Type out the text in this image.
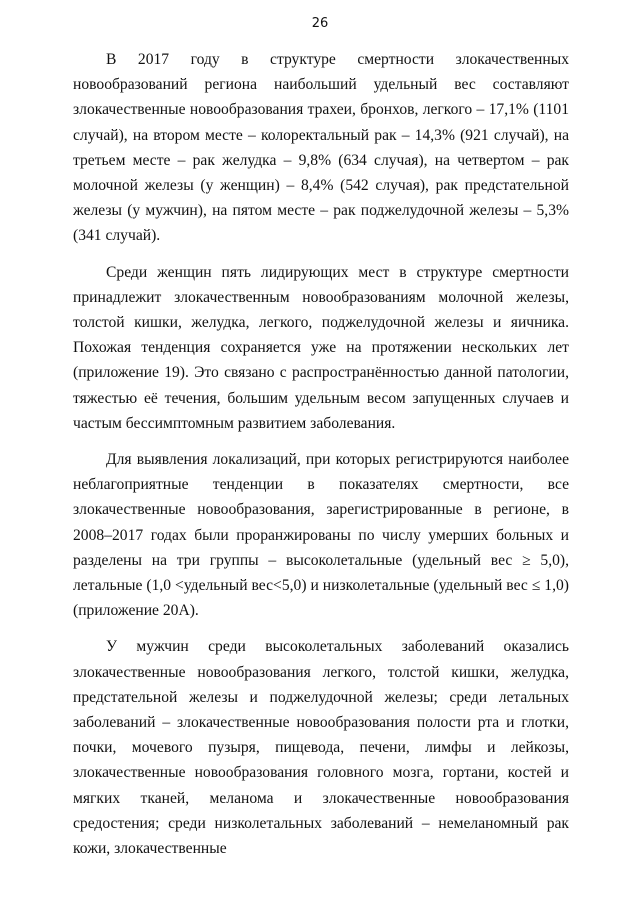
26

В 2017 году в структуре смертности злокачественных новообразований региона наибольший удельный вес составляют злокачественные новообразования трахеи, бронхов, легкого – 17,1% (1101 случай), на втором месте – колоректальный рак – 14,3% (921 случай), на третьем месте – рак желудка – 9,8% (634 случая), на четвертом – рак молочной железы (у женщин) – 8,4% (542 случая), рак предстательной железы (у мужчин), на пятом месте – рак поджелудочной железы – 5,3% (341 случай).

Среди женщин пять лидирующих мест в структуре смертности принадлежит злокачественным новообразованиям молочной железы, толстой кишки, желудка, легкого, поджелудочной железы и яичника. Похожая тенденция сохраняется уже на протяжении нескольких лет (приложение 19). Это связано с распространённостью данной патологии, тяжестью её течения, большим удельным весом запущенных случаев и частым бессимптомным развитием заболевания.

Для выявления локализаций, при которых регистрируются наиболее неблагоприятные тенденции в показателях смертности, все злокачественные новообразования, зарегистрированные в регионе, в 2008–2017 годах были проранжированы по числу умерших больных и разделены на три группы – высоколетальные (удельный вес ≥ 5,0), летальные (1,0 <удельный вес<5,0) и низколетальные (удельный вес ≤ 1,0) (приложение 20А).

У мужчин среди высоколетальных заболеваний оказались злокачественные новообразования легкого, толстой кишки, желудка, предстательной железы и поджелудочной железы; среди летальных заболеваний – злокачественные новообразования полости рта и глотки, почки, мочевого пузыря, пищевода, печени, лимфы и лейкозы, злокачественные новообразования головного мозга, гортани, костей и мягких тканей, меланома и злокачественные новообразования средостения; среди низколетальных заболеваний – немеланомный рак кожи, злокачественные
